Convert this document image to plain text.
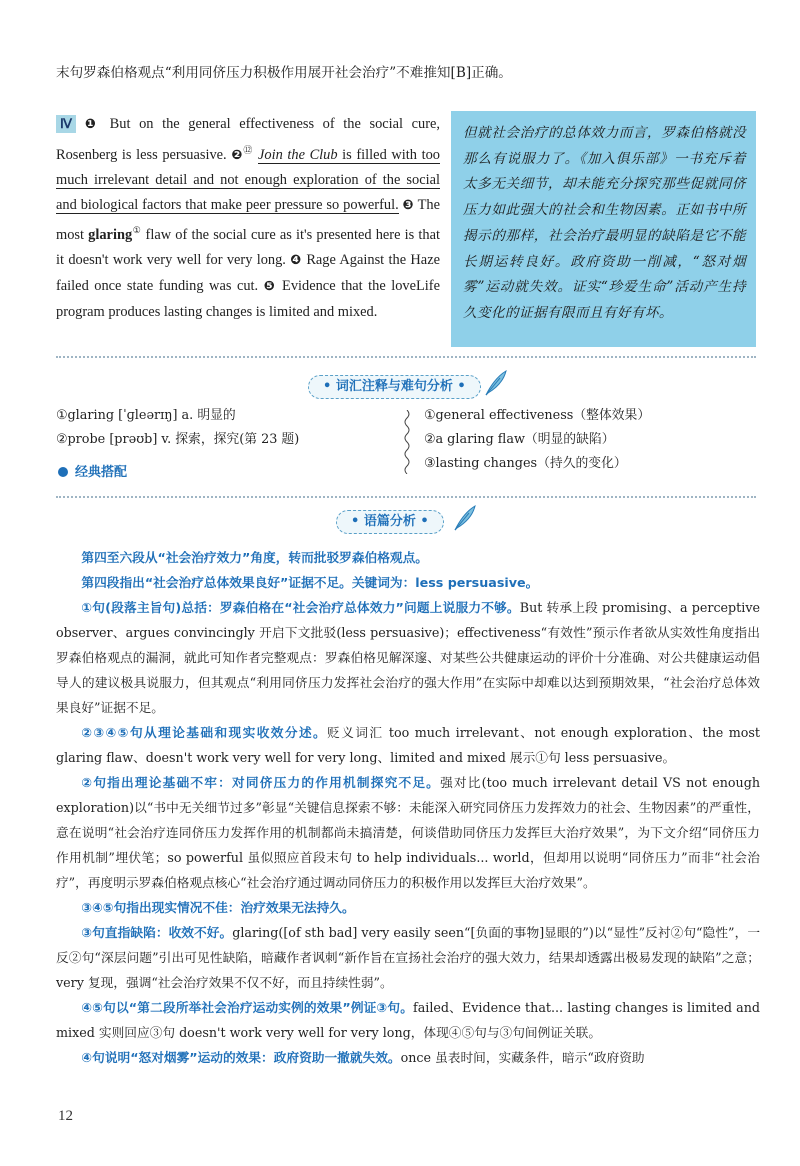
末句罗森伯格观点“利用同侪压力积极作用展开社会治疗”不难推知[B]正确。
Ⅳ ❶ But on the general effectiveness of the social cure, Rosenberg is less persuasive. ❷⑫ Join the Club is filled with too much irrelevant detail and not enough exploration of the social and biological factors that make peer pressure so powerful. ❸ The most glaring① flaw of the social cure as it's presented here is that it doesn't work very well for very long. ❹ Rage Against the Haze failed once state funding was cut. ❺ Evidence that the loveLife program produces lasting changes is limited and mixed.
但就社会治疗的总体效力而言，罗森伯格就没那么有说服力了。《加入俱乐部》一书充斥着太多无关细节，却未能充分探究那些促就同侪压力如此强大的社会和生物因素。正如书中所揭示的那样，社会治疗最明显的缺陷是它不能长期运转良好。政府资助一削减，“怒对烟雾”运动就失效。证实“珍爱生命”活动产生持久变化的证据有限而且有好有坏。
• 词汇注释与难句分析 •
①glaring [ˈɡleərɪŋ] a. 明显的
②probe [prəʊb] v. 探索，探究(第 23 题)
①general effectiveness（整体效果）
②a glaring flaw（明显的缺陷）
③lasting changes（持久的变化）
经典搭配
• 语篇分析 •
第四至六段从“社会治疗效力”角度，转而批驳罗森伯格观点。
第四段指出“社会治疗总体效果良好”证据不足。关键词为：less persuasive。
①句(段落主旨句)总括：罗森伯格在“社会治疗总体效力”问题上说服力不够。But 转承上段 promising、a perceptive observer、argues convincingly 开启下文批驳(less persuasive)；effectiveness“有效性”预示作者欲从实效性角度指出罗森伯格观点的漏洞，就此可知作者完整观点：罗森伯格见解深邃、对某些公共健康运动的评价十分准确、对公共健康运动倡导人的建议极具说服力，但其观点“利用同侪压力发挥社会治疗的强大作用”在实际中却难以达到预期效果，“社会治疗总体效果良好”证据不足。
②③④⑤句从理论基础和现实收效分述。贬义词汇 too much irrelevant、not enough exploration、the most glaring flaw、doesn't work very well for very long、limited and mixed 展示①句 less persuasive。
②句指出理论基础不牢：对同侪压力的作用机制探究不足。强对比(too much irrelevant detail VS not enough exploration)以“书中无关细节过多”彰显“关键信息探索不够：未能深入研究同侪压力发挥效力的社会、生物因素”的严重性，意在说明“社会治疗连同侪压力发挥作用的机制都尚未搞清楚，何谈借助同侪压力发挥巨大治疗效果”，为下文介绍“同侪压力作用机制”埋伏笔；so powerful 虽似照应首段末句 to help individuals... world，但却用以说明“同侪压力”而非“社会治疗”，再度明示罗森伯格观点核心“社会治疗通过调动同侪压力的积极作用以发挥巨大治疗效果”。
③④⑤句指出现实情况不佳：治疗效果无法持久。
③句直指缺陷：收效不好。glaring([of sth bad] very easily seen“[负面的事物]显眼的”)以“显性”反衬②句“隐性”，一反②句“深层问题”引出可见性缺陷，暗藏作者讽刺“新作旨在宣扬社会治疗的强大效力，结果却透露出极易发现的缺陷”之意；very 复现，强调“社会治疗效果不仅不好，而且持续性弱”。
④⑤句以“第二段所举社会治疗运动实例的效果”例证③句。failed、Evidence that... lasting changes is limited and mixed 实则回应③句 doesn't work very well for very long，体现④⑤句与③句间例证关联。
④句说明“怒对烟雾”运动的效果：政府资助一撤就失效。once 虽表时间，实藏条件，暗示“政府资助
12
